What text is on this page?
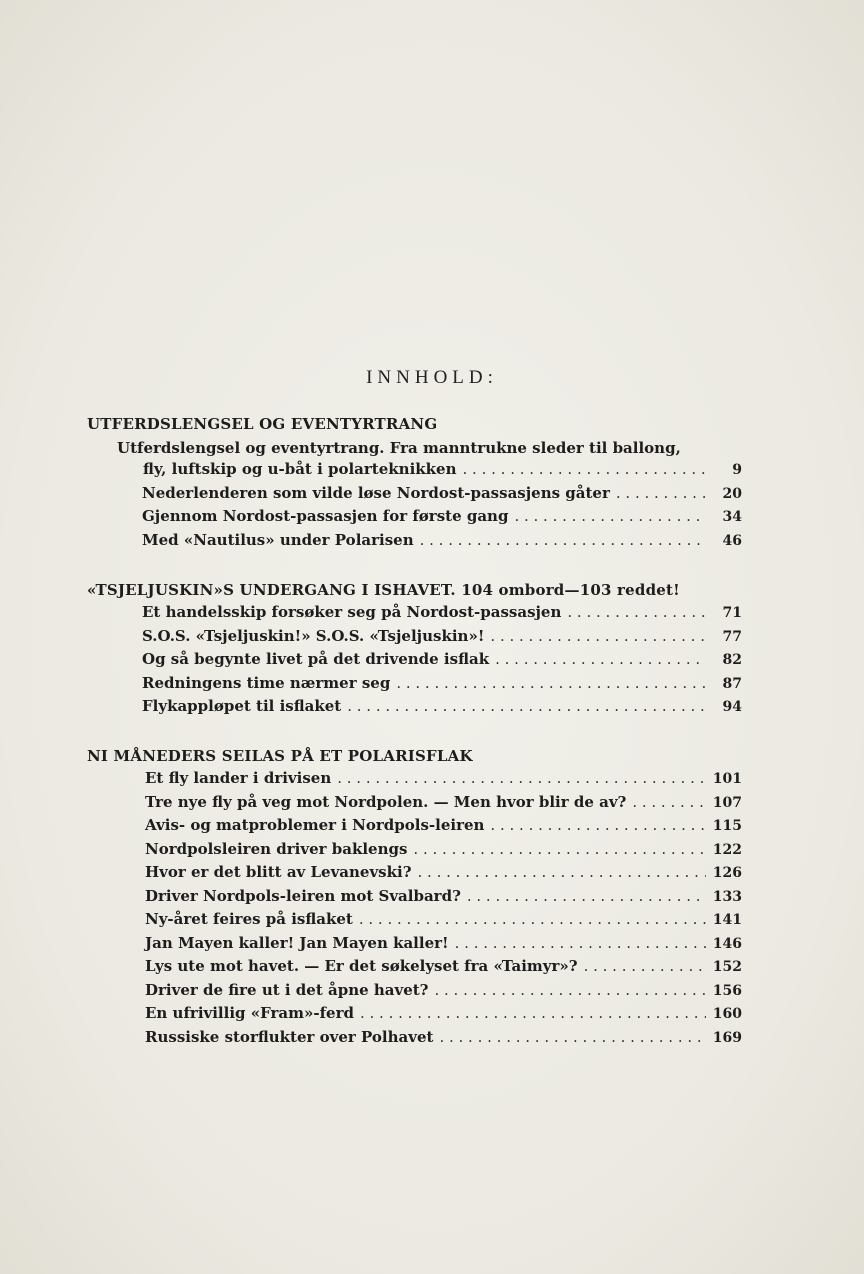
INNHOLD:
UTFERDSLENGSEL OG EVENTYRTRANG
Utferdslengsel og eventyrtrang. Fra manntrukne sleder til ballong,
fly, luftskip og u-båt i polarteknikken . . .	9
Nederlenderen som vilde løse Nordost-passasjens gåter . . .	20
Gjennom Nordost-passasjen for første gang . . .	34
Med «Nautilus» under Polarisen . . .	46
«TSJELJUSKIN»S UNDERGANG I ISHAVET. 104 ombord—103 reddet!
Et handelsskip forsøker seg på Nordost-passasjen . . .	71
S.O.S. «Tsjeljuskin!» S.O.S. «Tsjeljuskin»! . . .	77
Og så begynte livet på det drivende isflak . . .	82
Redningens time nærmer seg . . .	87
Flykappløpet til isflaket . . .	94
NI MÅNEDERS SEILAS PÅ ET POLARISFLAK
Et fly lander i drivisen . . .	101
Tre nye fly på veg mot Nordpolen. — Men hvor blir de av? . . .	107
Avis- og matproblemer i Nordpols-leiren . . .	115
Nordpolsleiren driver baklengs . . .	122
Hvor er det blitt av Levanevski? . . .	126
Driver Nordpols-leiren mot Svalbard? . . .	133
Ny-året feires på isflaket . . .	141
Jan Mayen kaller! Jan Mayen kaller! . . .	146
Lys ute mot havet. — Er det søkelyset fra «Taimyr»? . . .	152
Driver de fire ut i det åpne havet? . . .	156
En ufrivillig «Fram»-ferd . . .	160
Russiske storflukter over Polhavet . . .	169
